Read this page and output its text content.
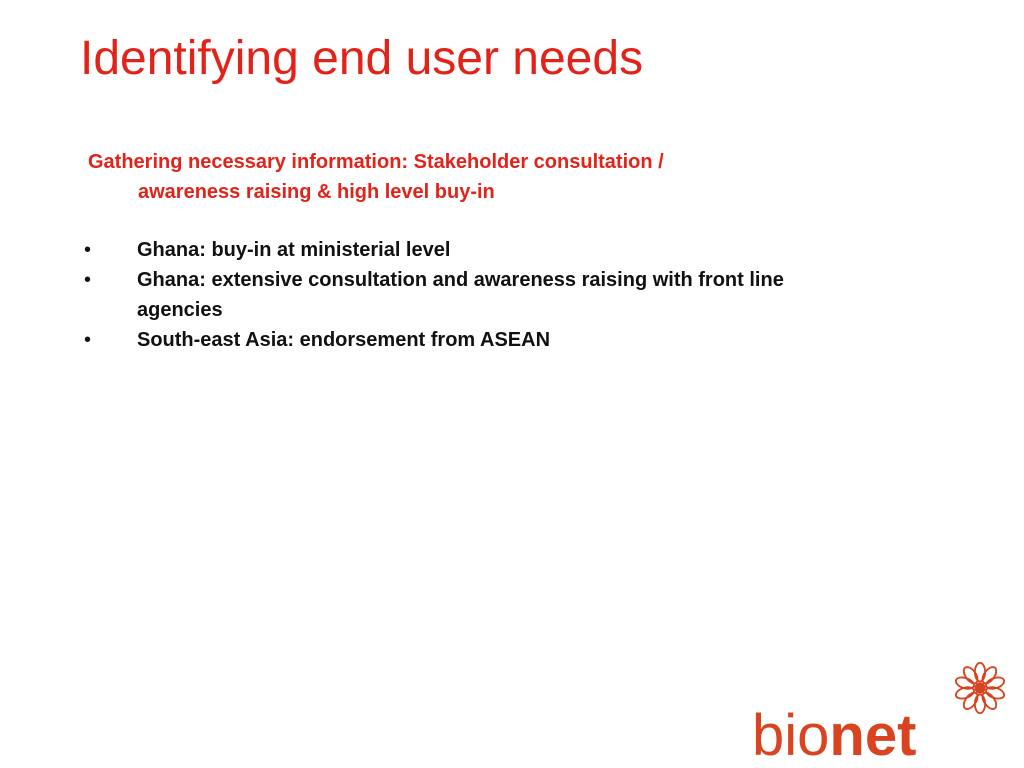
Identifying end user needs
Gathering necessary information: Stakeholder consultation /
awareness raising & high level buy-in
•	Ghana: buy-in at ministerial level
•	Ghana: extensive consultation and awareness raising with front line agencies
•	South-east Asia: endorsement from ASEAN
bionet
